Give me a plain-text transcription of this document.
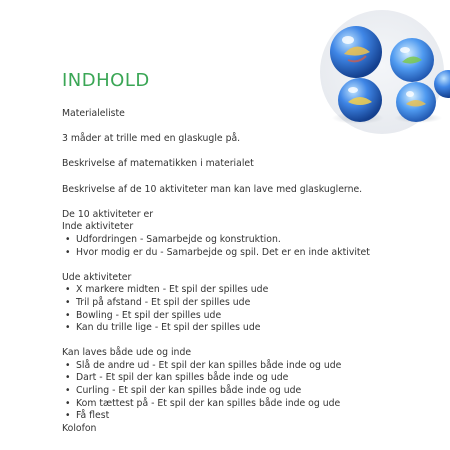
INDHOLD

Materialeliste

3 måder at trille med en glaskugle på.

Beskrivelse af matematikken i materialet

Beskrivelse af de 10 aktiviteter man kan lave med glaskuglerne.

De 10 aktiviteter er

Inde aktiviteter

• Udfordringen - Samarbejde og konstruktion.
• Hvor modig er du - Samarbejde og spil. Det er en inde aktivitet

Ude aktiviteter

• X markere midten - Et spil der spilles ude
• Tril på afstand - Et spil der spilles ude
• Bowling - Et spil der spilles ude
• Kan du trille lige - Et spil der spilles ude

Kan laves både ude og inde

• Slå de andre ud - Et spil der kan spilles både inde og ude
• Dart - Et spil der kan spilles både inde og ude
• Curling - Et spil der kan spilles både inde og ude
• Kom tættest på - Et spil der kan spilles både inde og ude
• Få flest

Kolofon
